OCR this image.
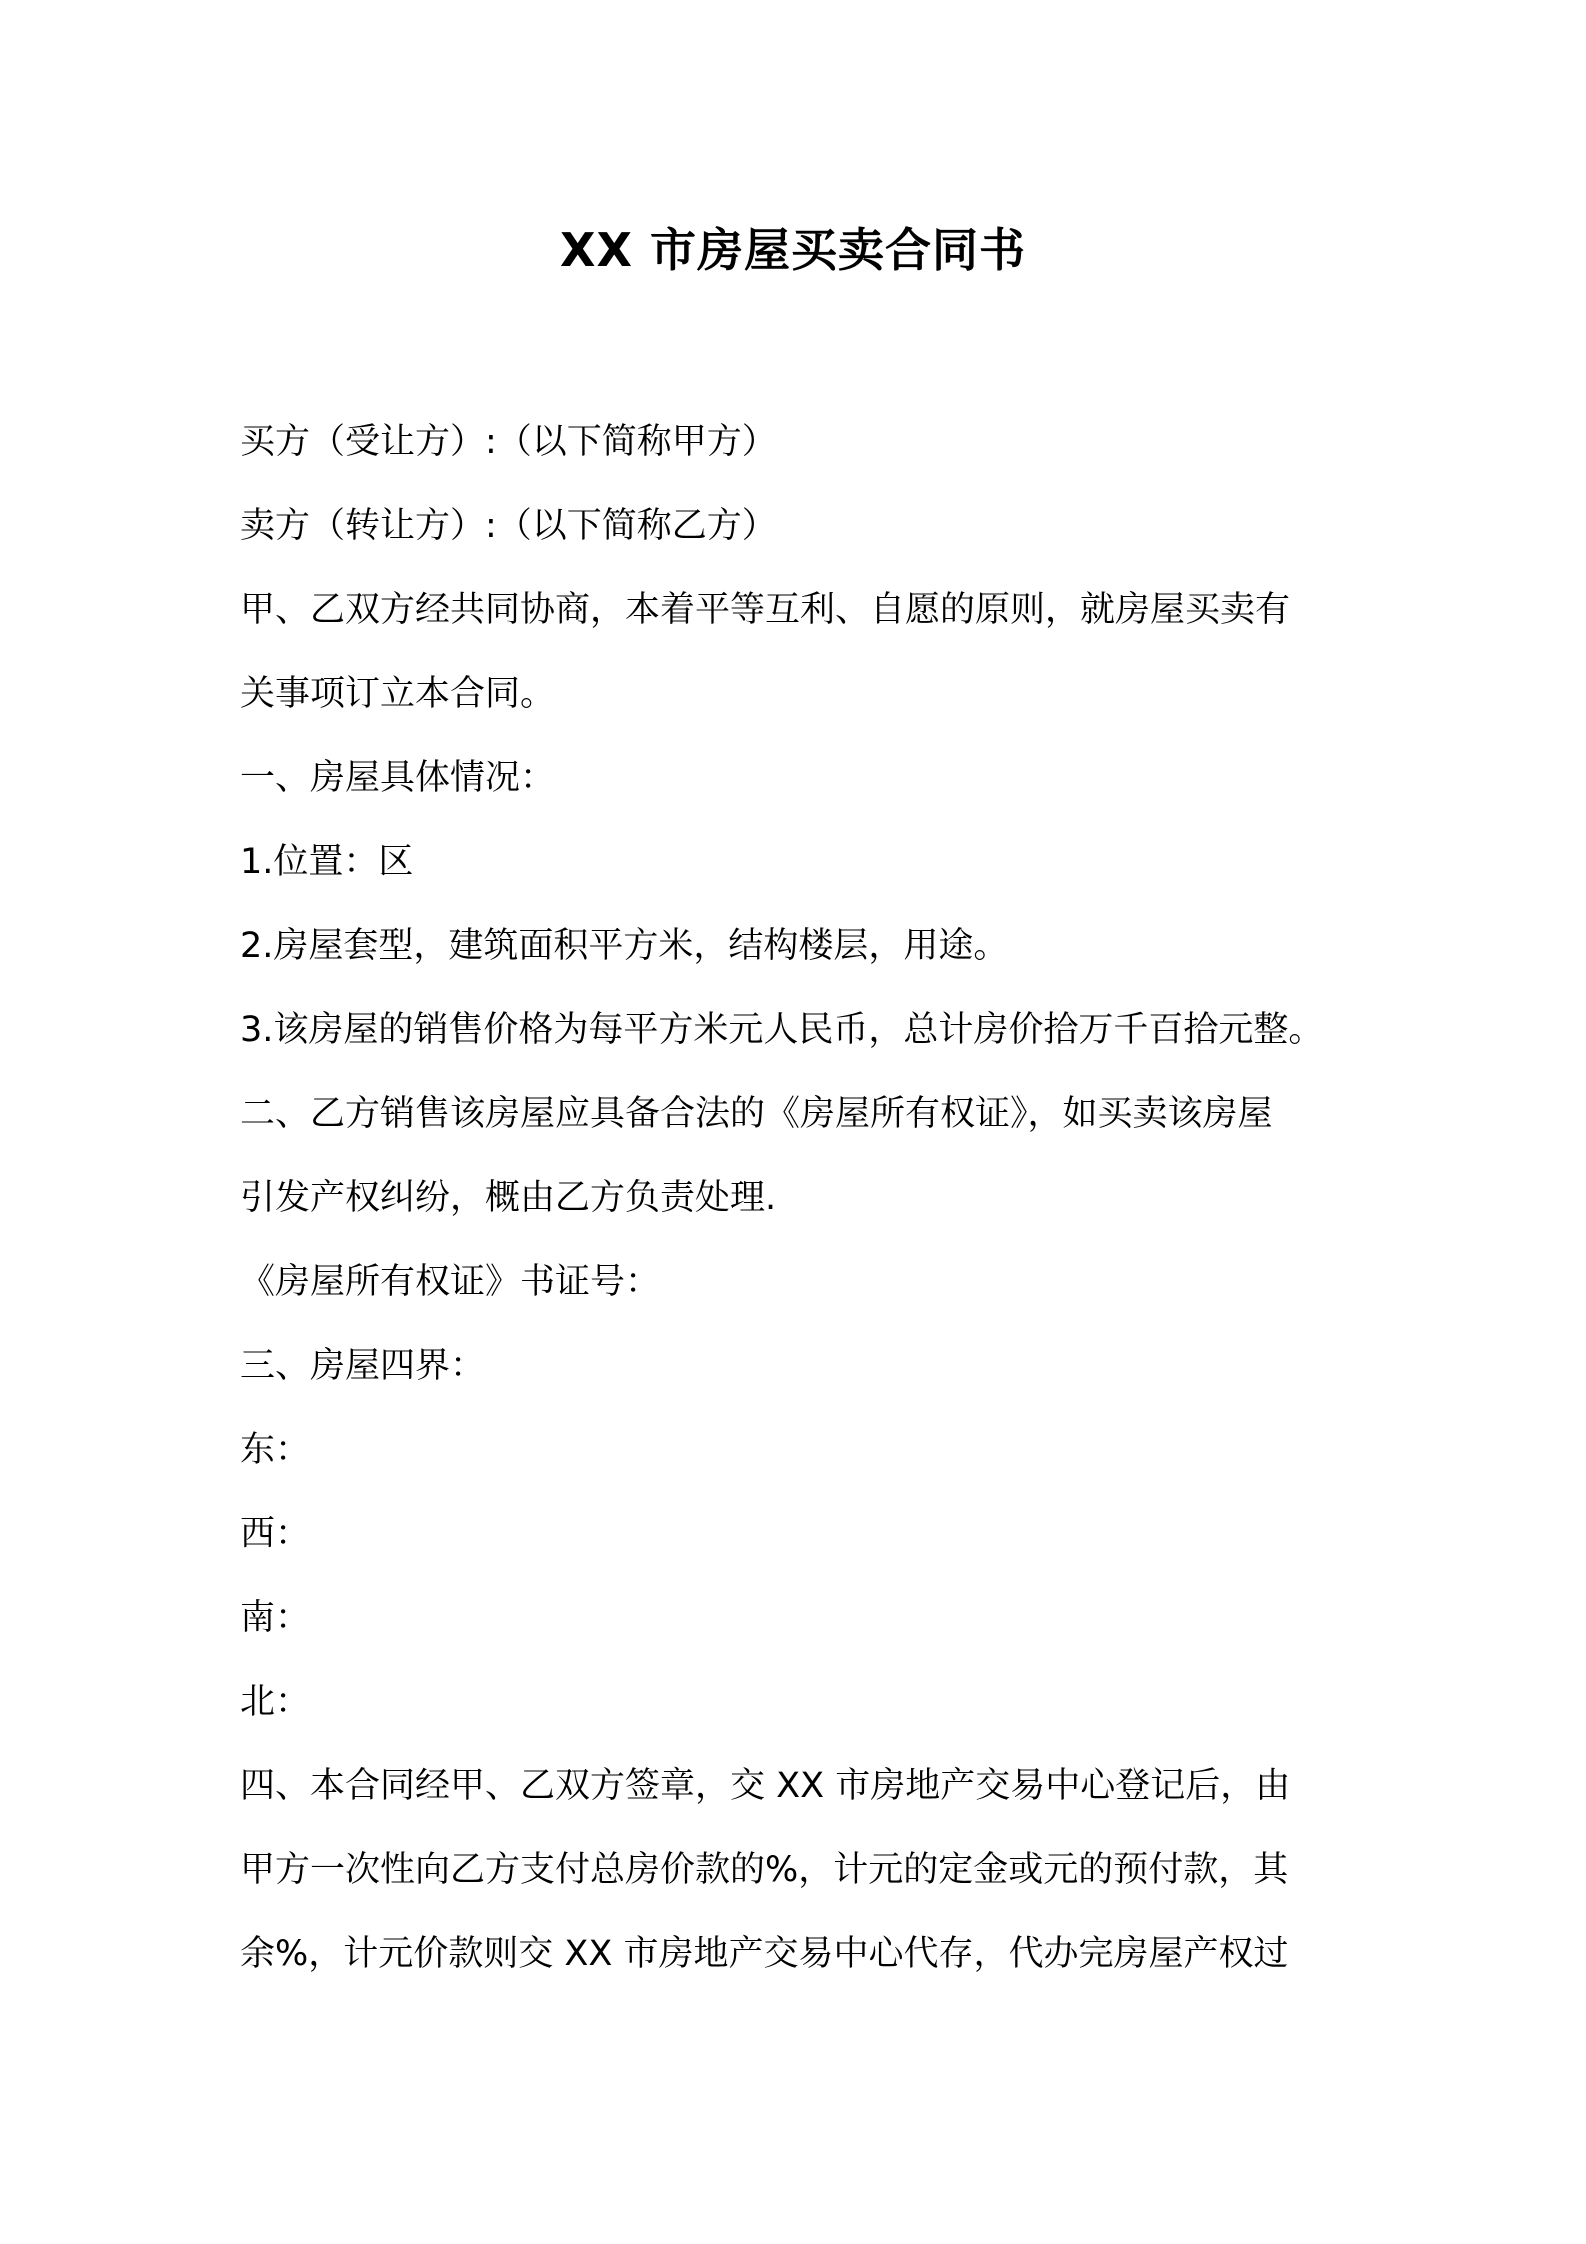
XX 市房屋买卖合同书
买方（受让方）:（以下简称甲方）
卖方（转让方）:（以下简称乙方）
甲、乙双方经共同协商，本着平等互利、自愿的原则，就房屋买卖有
关事项订立本合同。
一、房屋具体情况：
1.位置：区
2.房屋套型，建筑面积平方米，结构楼层，用途。
3.该房屋的销售价格为每平方米元人民币，总计房价拾万千百拾元整。
二、乙方销售该房屋应具备合法的《房屋所有权证》，如买卖该房屋
引发产权纠纷，概由乙方负责处理.
《房屋所有权证》书证号：
三、房屋四界：
东：
西：
南：
北：
四、本合同经甲、乙双方签章，交 XX 市房地产交易中心登记后，由
甲方一次性向乙方支付总房价款的%，计元的定金或元的预付款，其
余%，计元价款则交 XX 市房地产交易中心代存，代办完房屋产权过
